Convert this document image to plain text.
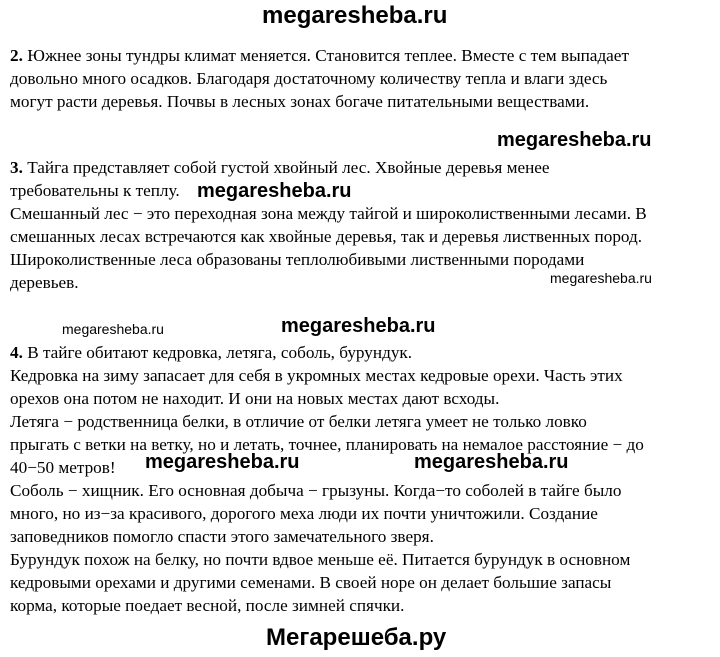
megaresheba.ru
2. Южнее зоны тундры климат меняется. Становится теплее. Вместе с тем выпадает
довольно много осадков. Благодаря достаточному количеству тепла и влаги здесь
могут расти деревья. Почвы в лесных зонах богаче питательными веществами.
megaresheba.ru
3. Тайга представляет собой густой хвойный лес. Хвойные деревья менее
требовательны к теплу.
Смешанный лес − это переходная зона между тайгой и широколиственными лесами. В
смешанных лесах встречаются как хвойные деревья, так и деревья лиственных пород.
Широколиственные леса образованы теплолюбивыми лиственными породами
деревьев.
megaresheba.ru
megaresheba.ru
megaresheba.ru	megaresheba.ru
4. В тайге обитают кедровка, летяга, соболь, бурундук.
Кедровка на зиму запасает для себя в укромных местах кедровые орехи. Часть этих
орехов она потом не находит. И они на новых местах дают всходы.
Летяга − родственница белки, в отличие от белки летяга умеет не только ловко
прыгать с ветки на ветку, но и летать, точнее, планировать на немалое расстояние − до
40−50 метров!
Соболь − хищник. Его основная добыча − грызуны. Когда−то соболей в тайге было
много, но из−за красивого, дорогого меха люди их почти уничтожили. Создание
заповедников помогло спасти этого замечательного зверя.
Бурундук похож на белку, но почти вдвое меньше её. Питается бурундук в основном
кедровыми орехами и другими семенами. В своей норе он делает большие запасы
корма, которые поедает весной, после зимней спячки.
megaresheba.ru	megaresheba.ru
Мегарешеба.ру
